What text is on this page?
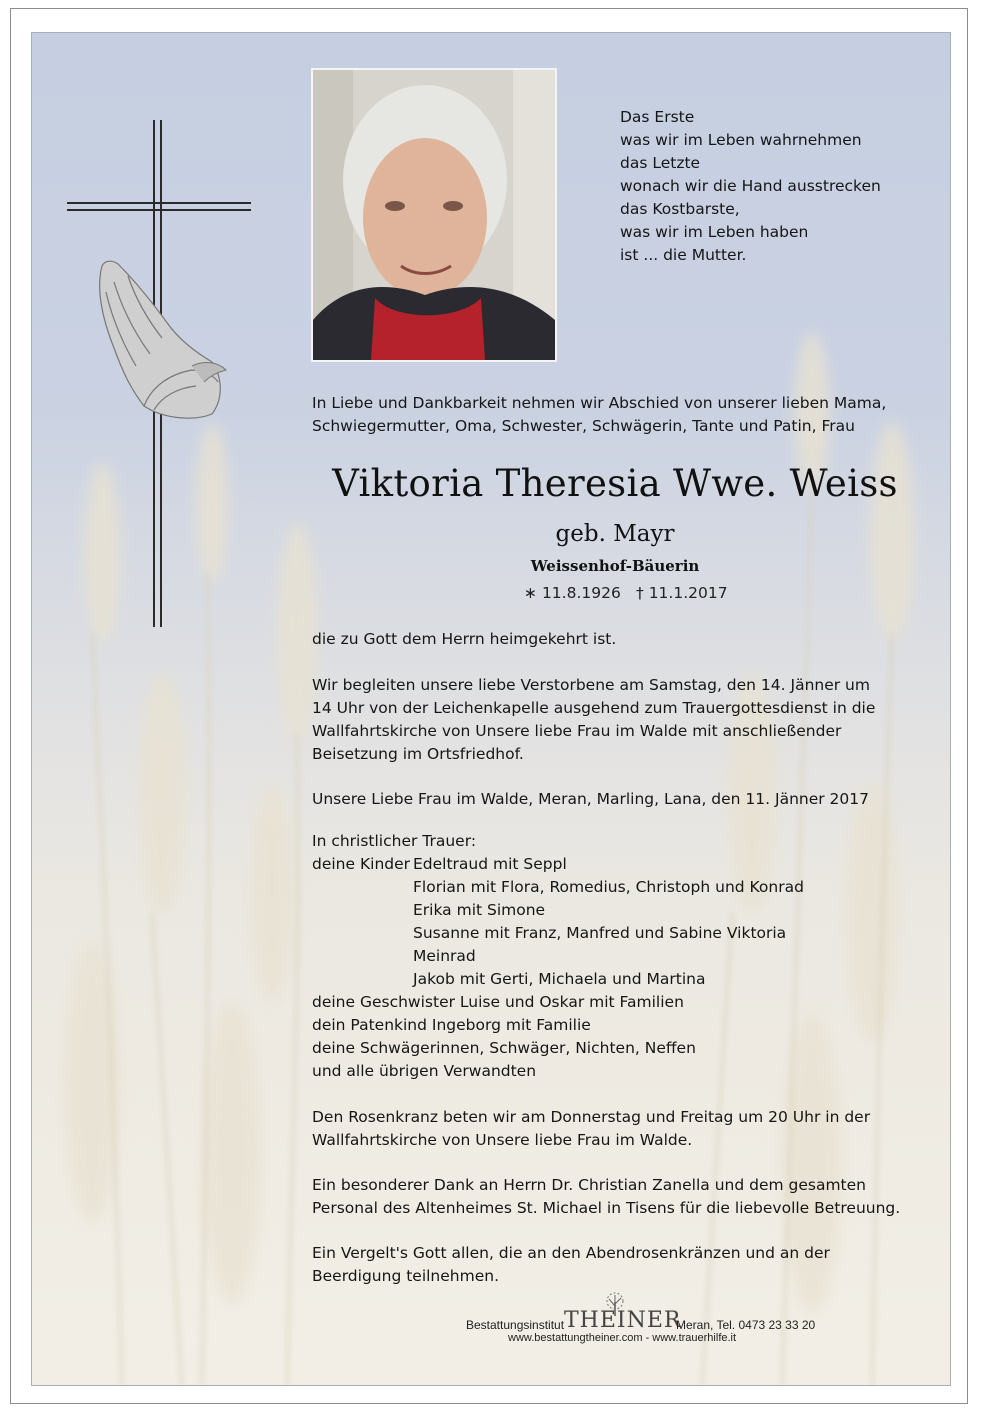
Das Erste
was wir im Leben wahrnehmen
das Letzte
wonach wir die Hand ausstrecken
das Kostbarste,
was wir im Leben haben
ist ... die Mutter.
In Liebe und Dankbarkeit nehmen wir Abschied von unserer lieben Mama,
Schwiegermutter, Oma, Schwester, Schwägerin, Tante und Patin, Frau
Viktoria Theresia Wwe. Weiss
geb. Mayr
Weissenhof-Bäuerin
∗ 11.8.1926 † 11.1.2017
die zu Gott dem Herrn heimgekehrt ist.
Wir begleiten unsere liebe Verstorbene am Samstag, den 14. Jänner um
14 Uhr von der Leichenkapelle ausgehend zum Trauergottesdienst in die
Wallfahrtskirche von Unsere liebe Frau im Walde mit anschließender
Beisetzung im Ortsfriedhof.
Unsere Liebe Frau im Walde, Meran, Marling, Lana, den 11. Jänner 2017
In christlicher Trauer:
deine Kinder Edeltraud mit Seppl
Florian mit Flora, Romedius, Christoph und Konrad
Erika mit Simone
Susanne mit Franz, Manfred und Sabine Viktoria
Meinrad
Jakob mit Gerti, Michaela und Martina
deine Geschwister Luise und Oskar mit Familien
dein Patenkind Ingeborg mit Familie
deine Schwägerinnen, Schwäger, Nichten, Neffen
und alle übrigen Verwandten
Den Rosenkranz beten wir am Donnerstag und Freitag um 20 Uhr in der
Wallfahrtskirche von Unsere liebe Frau im Walde.
Ein besonderer Dank an Herrn Dr. Christian Zanella und dem gesamten
Personal des Altenheimes St. Michael in Tisens für die liebevolle Betreuung.
Ein Vergelt's Gott allen, die an den Abendrosenkränzen und an der
Beerdigung teilnehmen.
Bestattungsinstitut THEINER
Meran, Tel. 0473 23 33 20
www.bestattungtheiner.com - www.trauerhilfe.it
